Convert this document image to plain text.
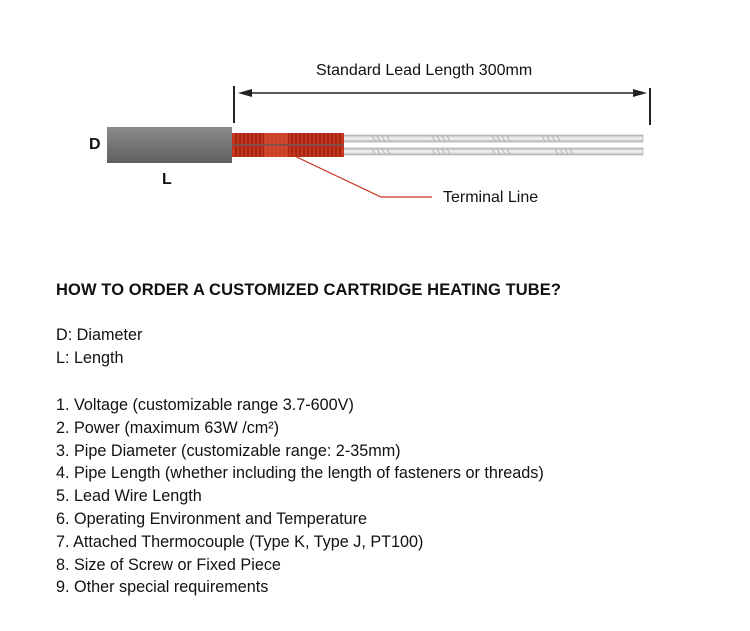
Standard Lead Length 300mm
D
L
Terminal Line
HOW TO ORDER A CUSTOMIZED CARTRIDGE HEATING TUBE?
D: Diameter
L: Length
1. Voltage (customizable range 3.7-600V)
2. Power (maximum 63W /cm²)
3. Pipe Diameter (customizable range: 2-35mm)
4. Pipe Length (whether including the length of fasteners or threads)
5. Lead Wire Length
6. Operating Environment and Temperature
7. Attached Thermocouple (Type K, Type J, PT100)
8. Size of Screw or Fixed Piece
9. Other special requirements
